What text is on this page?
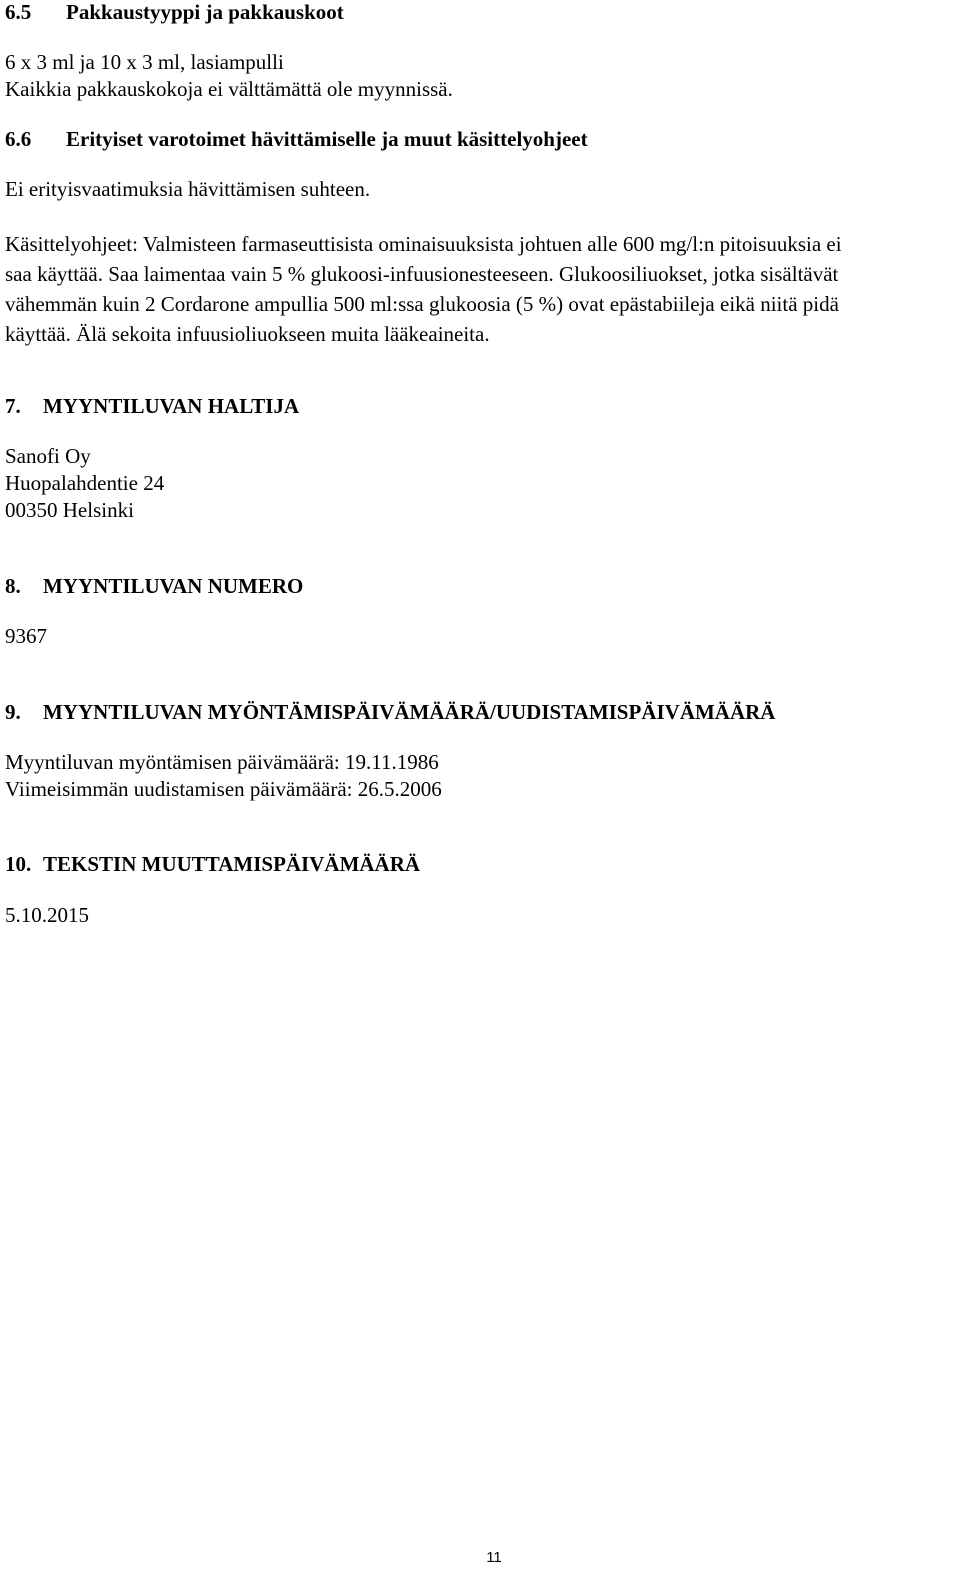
6.5 Pakkaustyyppi ja pakkauskoot
6 x 3 ml ja 10 x 3 ml, lasiampulli
Kaikkia pakkauskokoja ei välttämättä ole myynnissä.
6.6 Erityiset varotoimet hävittämiselle ja muut käsittelyohjeet
Ei erityisvaatimuksia hävittämisen suhteen.
Käsittelyohjeet: Valmisteen farmaseuttisista ominaisuuksista johtuen alle 600 mg/l:n pitoisuuksia ei
saa käyttää. Saa laimentaa vain 5 % glukoosi-infuusionesteeseen. Glukoosiliuokset, jotka sisältävät
vähemmän kuin 2 Cordarone ampullia 500 ml:ssa glukoosia (5 %) ovat epästabiileja eikä niitä pidä
käyttää. Älä sekoita infuusioliuokseen muita lääkeaineita.
7. MYYNTILUVAN HALTIJA
Sanofi Oy
Huopalahdentie 24
00350 Helsinki
8. MYYNTILUVAN NUMERO
9367
9. MYYNTILUVAN MYÖNTÄMISPÄIVÄMÄÄRÄ/UUDISTAMISPÄIVÄMÄÄRÄ
Myyntiluvan myöntämisen päivämäärä: 19.11.1986
Viimeisimmän uudistamisen päivämäärä: 26.5.2006
10. TEKSTIN MUUTTAMISPÄIVÄMÄÄRÄ
5.10.2015
11
